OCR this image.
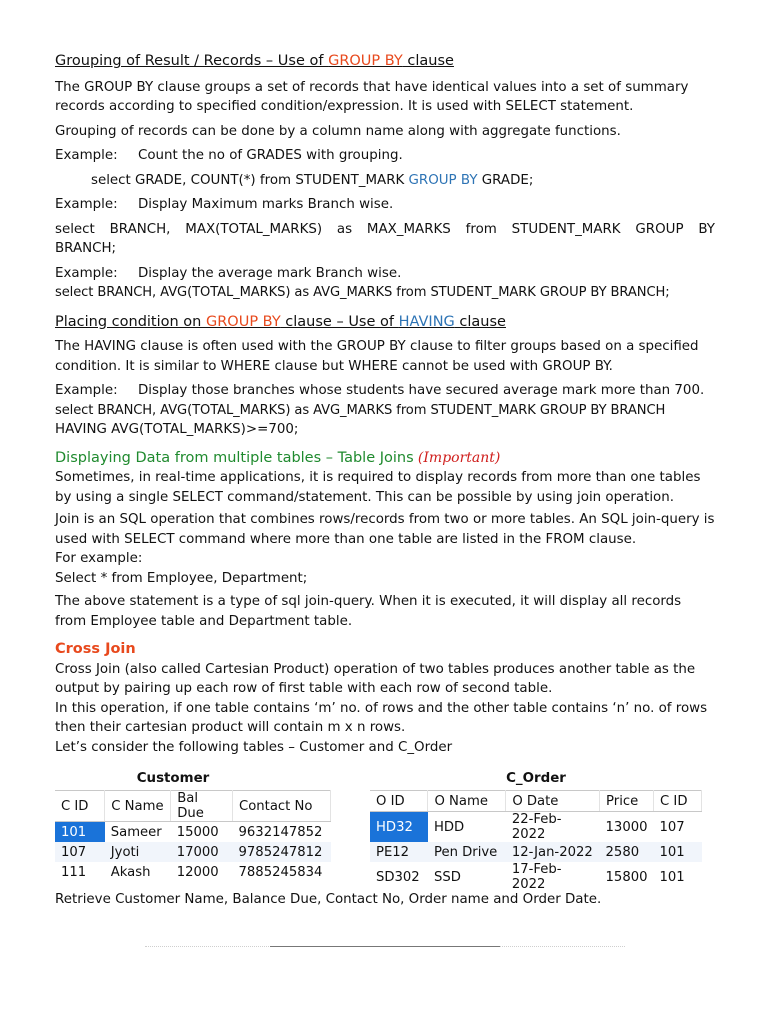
Grouping of Result / Records – Use of GROUP BY clause

The GROUP BY clause groups a set of records that have identical values into a set of summary records according to specified condition/expression. It is used with SELECT statement.

Grouping of records can be done by a column name along with aggregate functions.

Example: Count the no of GRADES with grouping.

select GRADE, COUNT(*) from STUDENT_MARK GROUP BY GRADE;

Example: Display Maximum marks Branch wise.

select BRANCH, MAX(TOTAL_MARKS) as MAX_MARKS from STUDENT_MARK GROUP BY

BRANCH;

Example: Display the average mark Branch wise.

select BRANCH, AVG(TOTAL_MARKS) as AVG_MARKS from STUDENT_MARK GROUP BY BRANCH;

Placing condition on GROUP BY clause – Use of HAVING clause

The HAVING clause is often used with the GROUP BY clause to filter groups based on a specified condition. It is similar to WHERE clause but WHERE cannot be used with GROUP BY.

Example: Display those branches whose students have secured average mark more than 700.

select BRANCH, AVG(TOTAL_MARKS) as AVG_MARKS from STUDENT_MARK GROUP BY BRANCH

HAVING AVG(TOTAL_MARKS)>=700;

Displaying Data from multiple tables – Table Joins (Important)

Sometimes, in real-time applications, it is required to display records from more than one tables by using a single SELECT command/statement. This can be possible by using join operation.

Join is an SQL operation that combines rows/records from two or more tables. An SQL join-query is used with SELECT command where more than one table are listed in the FROM clause.

For example:

Select * from Employee, Department;

The above statement is a type of sql join-query. When it is executed, it will display all records from Employee table and Department table.

Cross Join

Cross Join (also called Cartesian Product) operation of two tables produces another table as the output by pairing up each row of first table with each row of second table.

In this operation, if one table contains ‘m’ no. of rows and the other table contains ‘n’ no. of rows then their cartesian product will contain m x n rows.

Let’s consider the following tables – Customer and C_Order

Customer
C ID	C Name	Bal Due	Contact No
101	Sameer	15000	9632147852
107	Jyoti	17000	9785247812
111	Akash	12000	7885245834
C_Order
O ID	O Name	O Date	Price	C ID
HD32	HDD	22-Feb-2022	13000	107
PE12	Pen Drive	12-Jan-2022	2580	101
SD302	SSD	17-Feb-2022	15800	101

Retrieve Customer Name, Balance Due, Contact No, Order name and Order Date.
